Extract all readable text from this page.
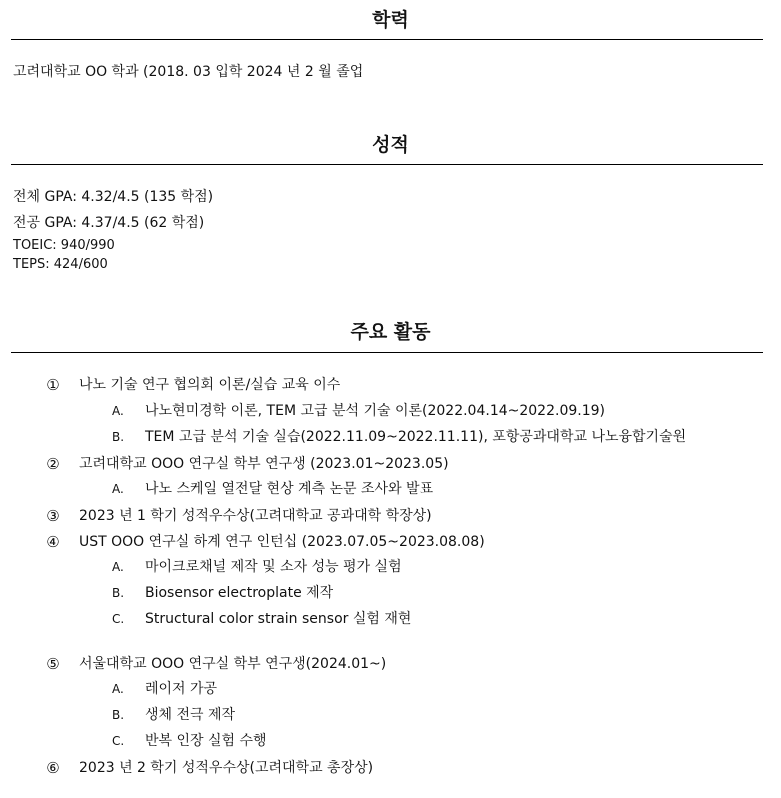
학력
고려대학교 OO 학과 (2018. 03 입학 2024 년 2 월 졸업
성적
전체 GPA: 4.32/4.5 (135 학점)
전공 GPA: 4.37/4.5 (62 학점)
TOEIC: 940/990
TEPS: 424/600
주요 활동
① 나노 기술 연구 협의회 이론/실습 교육 이수
A. 나노현미경학 이론, TEM 고급 분석 기술 이론(2022.04.14~2022.09.19)
B. TEM 고급 분석 기술 실습(2022.11.09~2022.11.11), 포항공과대학교 나노융합기술원
② 고려대학교 OOO 연구실 학부 연구생 (2023.01~2023.05)
A. 나노 스케일 열전달 현상 계측 논문 조사와 발표
③ 2023 년 1 학기 성적우수상(고려대학교 공과대학 학장상)
④ UST OOO 연구실 하계 연구 인턴십 (2023.07.05~2023.08.08)
A. 마이크로채널 제작 및 소자 성능 평가 실험
B. Biosensor electroplate 제작
C. Structural color strain sensor 실험 재현
⑤ 서울대학교 OOO 연구실 학부 연구생(2024.01~)
A. 레이저 가공
B. 생체 전극 제작
C. 반복 인장 실험 수행
⑥ 2023 년 2 학기 성적우수상(고려대학교 총장상)
